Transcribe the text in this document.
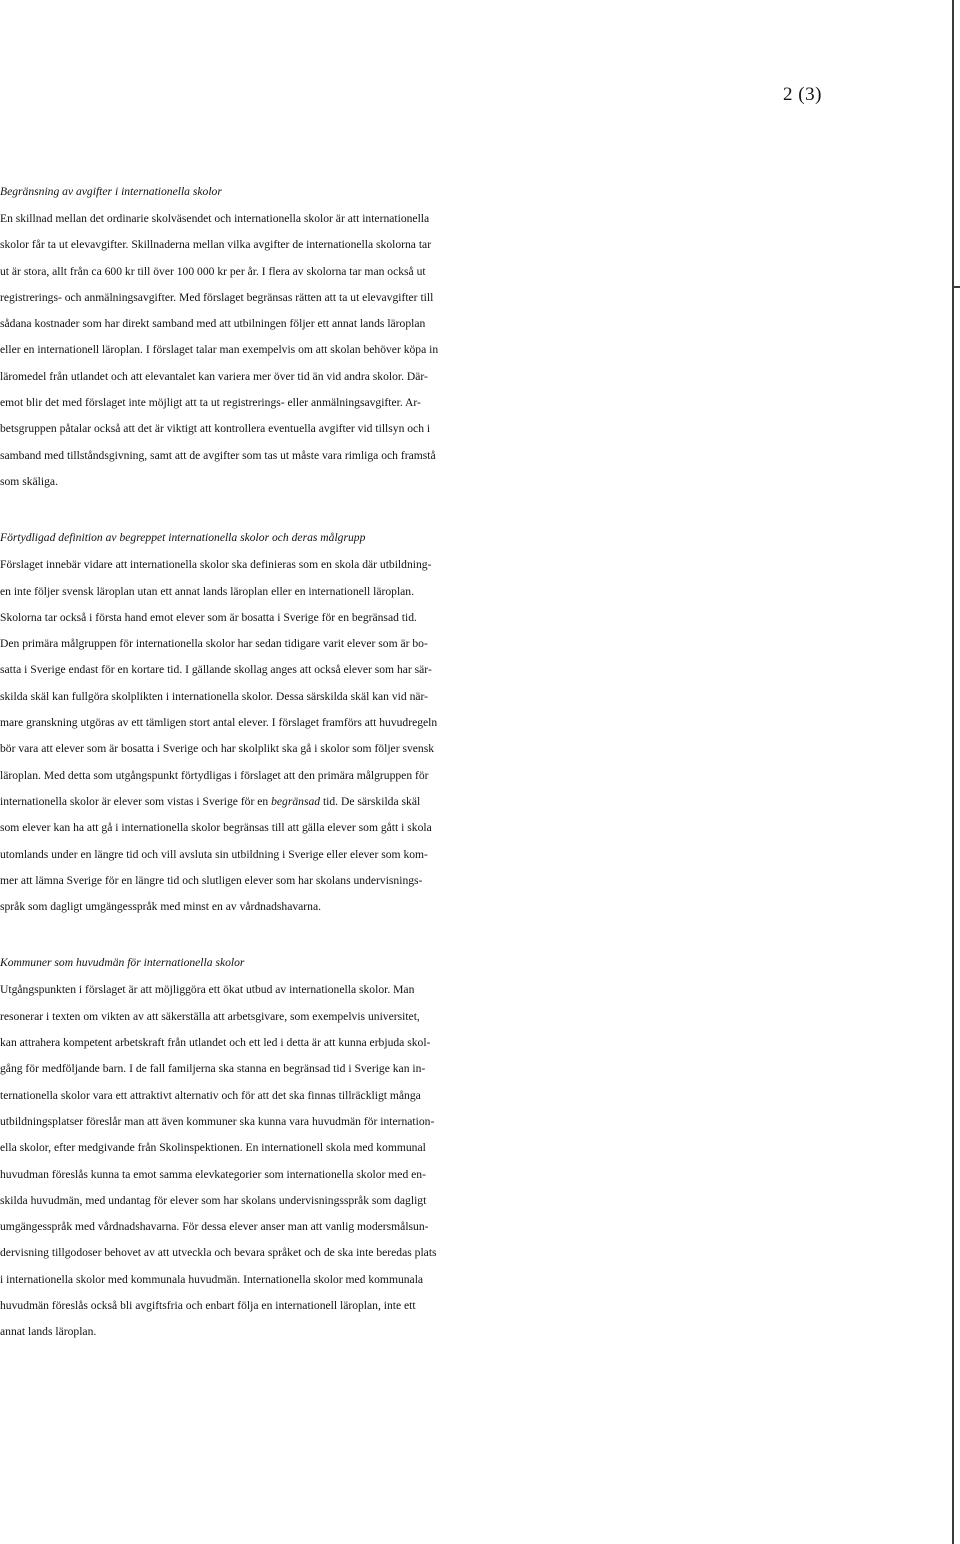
2 (3)
Begränsning av avgifter i internationella skolor
En skillnad mellan det ordinarie skolväsendet och internationella skolor är att internationella
skolor får ta ut elevavgifter. Skillnaderna mellan vilka avgifter de internationella skolorna tar
ut är stora, allt från ca 600 kr till över 100 000 kr per år. I flera av skolorna tar man också ut
registrerings- och anmälningsavgifter. Med förslaget begränsas rätten att ta ut elevavgifter till
sådana kostnader som har direkt samband med att utbilningen följer ett annat lands läroplan
eller en internationell läroplan. I förslaget talar man exempelvis om att skolan behöver köpa in
läromedel från utlandet och att elevantalet kan variera mer över tid än vid andra skolor. Där-
emot blir det med förslaget inte möjligt att ta ut registrerings- eller anmälningsavgifter. Ar-
betsgruppen påtalar också att det är viktigt att kontrollera eventuella avgifter vid tillsyn och i
samband med tillståndsgivning, samt att de avgifter som tas ut måste vara rimliga och framstå
som skäliga.
Förtydligad definition av begreppet internationella skolor och deras målgrupp
Förslaget innebär vidare att internationella skolor ska definieras som en skola där utbildning-
en inte följer svensk läroplan utan ett annat lands läroplan eller en internationell läroplan.
Skolorna tar också i första hand emot elever som är bosatta i Sverige för en begränsad tid.
Den primära målgruppen för internationella skolor har sedan tidigare varit elever som är bo-
satta i Sverige endast för en kortare tid. I gällande skollag anges att också elever som har sär-
skilda skäl kan fullgöra skolplikten i internationella skolor. Dessa särskilda skäl kan vid när-
mare granskning utgöras av ett tämligen stort antal elever. I förslaget framförs att huvudregeln
bör vara att elever som är bosatta i Sverige och har skolplikt ska gå i skolor som följer svensk
läroplan. Med detta som utgångspunkt förtydligas i förslaget att den primära målgruppen för
internationella skolor är elever som vistas i Sverige för en begränsad tid. De särskilda skäl
som elever kan ha att gå i internationella skolor begränsas till att gälla elever som gått i skola
utomlands under en längre tid och vill avsluta sin utbildning i Sverige eller elever som kom-
mer att lämna Sverige för en längre tid och slutligen elever som har skolans undervisnings-
språk som dagligt umgängesspråk med minst en av vårdnadshavarna.
Kommuner som huvudmän för internationella skolor
Utgångspunkten i förslaget är att möjliggöra ett ökat utbud av internationella skolor. Man
resonerar i texten om vikten av att säkerställa att arbetsgivare, som exempelvis universitet,
kan attrahera kompetent arbetskraft från utlandet och ett led i detta är att kunna erbjuda skol-
gång för medföljande barn. I de fall familjerna ska stanna en begränsad tid i Sverige kan in-
ternationella skolor vara ett attraktivt alternativ och för att det ska finnas tillräckligt många
utbildningsplatser föreslår man att även kommuner ska kunna vara huvudmän för internation-
ella skolor, efter medgivande från Skolinspektionen. En internationell skola med kommunal
huvudman föreslås kunna ta emot samma elevkategorier som internationella skolor med en-
skilda huvudmän, med undantag för elever som har skolans undervisningsspråk som dagligt
umgängesspråk med vårdnadshavarna. För dessa elever anser man att vanlig modersmålsun-
dervisning tillgodoser behovet av att utveckla och bevara språket och de ska inte beredas plats
i internationella skolor med kommunala huvudmän. Internationella skolor med kommunala
huvudmän föreslås också bli avgiftsfria och enbart följa en internationell läroplan, inte ett
annat lands läroplan.
